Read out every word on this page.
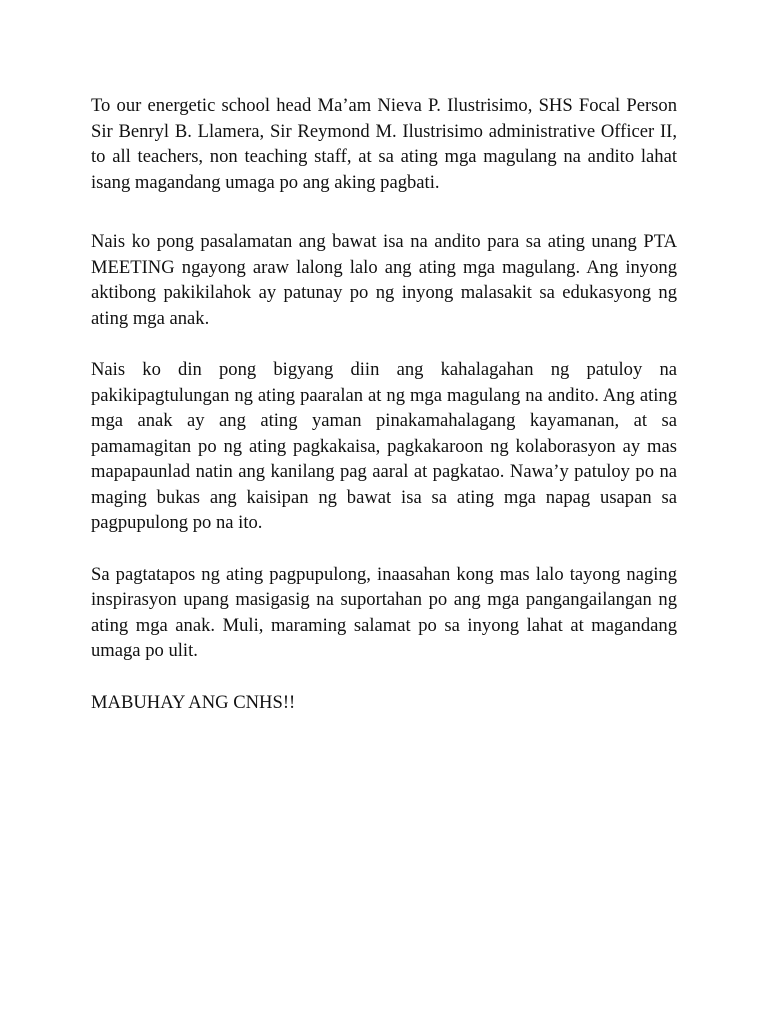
To our energetic school head Ma’am Nieva P. Ilustrisimo, SHS Focal Person Sir Benryl B. Llamera, Sir Reymond M. Ilustrisimo administrative Officer II, to all teachers, non teaching staff, at sa ating mga magulang na andito lahat isang magandang umaga po ang aking pagbati.

Nais ko pong pasalamatan ang bawat isa na andito para sa ating unang PTA MEETING ngayong araw lalong lalo ang ating mga magulang. Ang inyong aktibong pakikilahok ay patunay po ng inyong malasakit sa edukasyong ng ating mga anak.

Nais ko din pong bigyang diin ang kahalagahan ng patuloy na pakikipagtulungan ng ating paaralan at ng mga magulang na andito. Ang ating mga anak ay ang ating yaman pinakamahalagang kayamanan, at sa pamamagitan po ng ating pagkakaisa, pagkakaroon ng kolaborasyon ay mas mapapaunlad natin ang kanilang pag aaral at pagkatao. Nawa’y patuloy po na maging bukas ang kaisipan ng bawat isa sa ating mga napag usapan sa pagpupulong po na ito.

Sa pagtatapos ng ating pagpupulong, inaasahan kong mas lalo tayong naging inspirasyon upang masigasig na suportahan po ang mga pangangailangan ng ating mga anak. Muli, maraming salamat po sa inyong lahat at magandang umaga po ulit.

MABUHAY ANG CNHS!!
